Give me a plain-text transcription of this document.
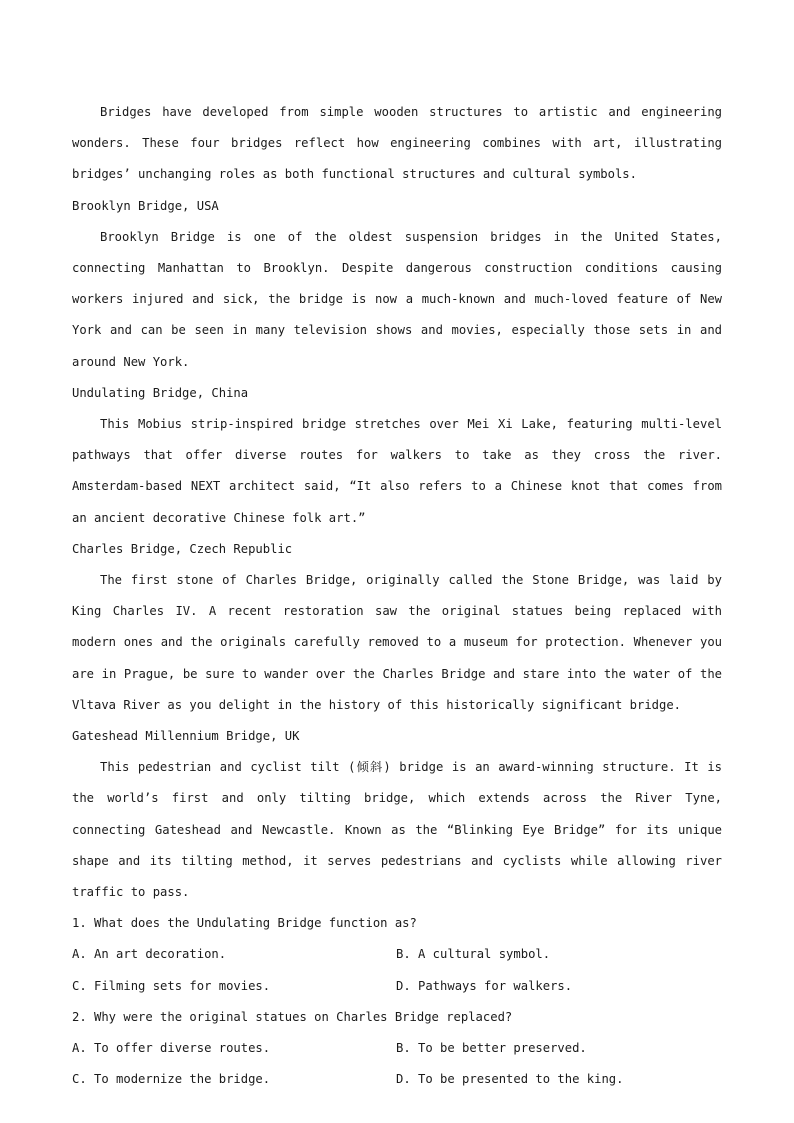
Bridges have developed from simple wooden structures to artistic and engineering wonders. These four bridges reflect how engineering combines with art, illustrating bridges’ unchanging roles as both functional structures and cultural symbols.

Brooklyn Bridge, USA

Brooklyn Bridge is one of the oldest suspension bridges in the United States, connecting Manhattan to Brooklyn. Despite dangerous construction conditions causing workers injured and sick, the bridge is now a much-known and much-loved feature of New York and can be seen in many television shows and movies, especially those sets in and around New York.

Undulating Bridge, China

This Mobius strip-inspired bridge stretches over Mei Xi Lake, featuring multi-level pathways that offer diverse routes for walkers to take as they cross the river. Amsterdam-based NEXT architect said, “It also refers to a Chinese knot that comes from an ancient decorative Chinese folk art.”

Charles Bridge, Czech Republic

The first stone of Charles Bridge, originally called the Stone Bridge, was laid by King Charles IV. A recent restoration saw the original statues being replaced with modern ones and the originals carefully removed to a museum for protection. Whenever you are in Prague, be sure to wander over the Charles Bridge and stare into the water of the Vltava River as you delight in the history of this historically significant bridge.

Gateshead Millennium Bridge, UK

This pedestrian and cyclist tilt (倾斜) bridge is an award-winning structure. It is the world’s first and only tilting bridge, which extends across the River Tyne, connecting Gateshead and Newcastle. Known as the “Blinking Eye Bridge” for its unique shape and its tilting method, it serves pedestrians and cyclists while allowing river traffic to pass.

1. What does the Undulating Bridge function as?

A. An art decoration.	B. A cultural symbol.

C. Filming sets for movies.	D. Pathways for walkers.

2. Why were the original statues on Charles Bridge replaced?

A. To offer diverse routes.	B. To be better preserved.

C. To modernize the bridge.	D. To be presented to the king.
